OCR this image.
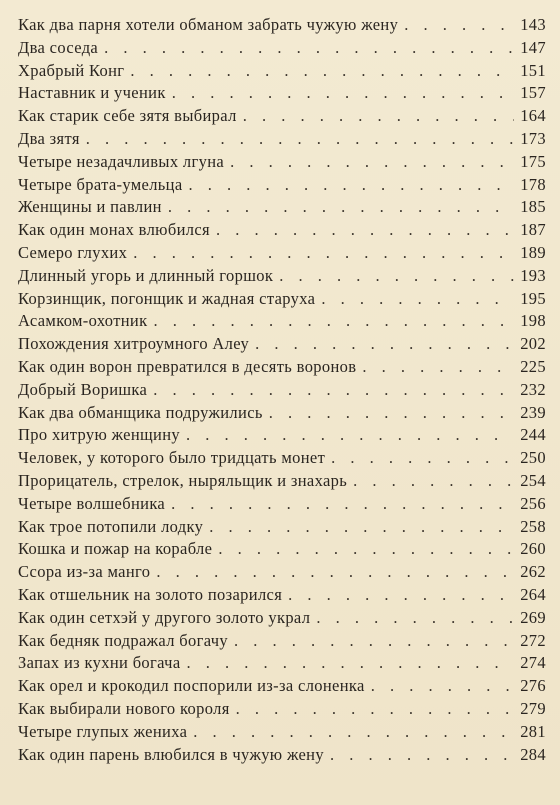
Как два парня хотели обманом забрать чужую жену . . .	143
Два соседа . . .	147
Храбрый Конг . . .	151
Наставник и ученик . . .	157
Как старик себе зятя выбирал . . .	164
Два зятя . . .	173
Четыре незадачливых лгуна . . .	175
Четыре брата-умельца . . .	178
Женщины и павлин . . .	185
Как один монах влюбился . . .	187
Семеро глухих . . .	189
Длинный угорь и длинный горшок . . .	193
Корзинщик, погонщик и жадная старуха . . .	195
Асамком-охотник . . .	198
Похождения хитроумного Алеу . . .	202
Как один ворон превратился в десять воронов . . .	225
Добрый Воришка . . .	232
Как два обманщика подружились . . .	239
Про хитрую женщину . . .	244
Человек, у которого было тридцать монет . . .	250
Прорицатель, стрелок, ныряльщик и знахарь . . .	254
Четыре волшебника . . .	256
Как трое потопили лодку . . .	258
Кошка и пожар на корабле . . .	260
Ссора из-за манго . . .	262
Как отшельник на золото позарился . . .	264
Как один сетхэй у другого золото украл . . .	269
Как бедняк подражал богачу . . .	272
Запах из кухни богача . . .	274
Как орел и крокодил поспорили из-за слоненка . . .	276
Как выбирали нового короля . . .	279
Четыре глупых жениха . . .	281
Как один парень влюбился в чужую жену . . .	284
